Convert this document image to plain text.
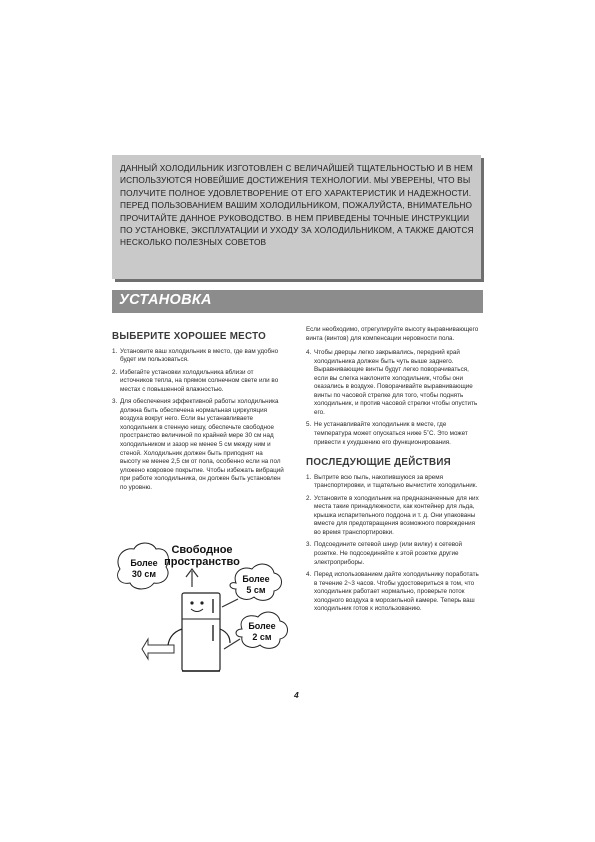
ДАННЫЙ ХОЛОДИЛЬНИК ИЗГОТОВЛЕН С ВЕЛИЧАЙШЕЙ ТЩАТЕЛЬНОСТЬЮ И В НЕМ ИСПОЛЬЗУЮТСЯ НОВЕЙШИЕ ДОСТИЖЕНИЯ ТЕХНОЛОГИИ. МЫ УВЕРЕНЫ, ЧТО ВЫ ПОЛУЧИТЕ ПОЛНОЕ УДОВЛЕТВОРЕНИЕ ОТ ЕГО ХАРАКТЕРИСТИК И НАДЕЖНОСТИ. ПЕРЕД ПОЛЬЗОВАНИЕМ ВАШИМ ХОЛОДИЛЬНИКОМ, ПОЖАЛУЙСТА, ВНИМАТЕЛЬНО ПРОЧИТАЙТЕ ДАННОЕ РУКОВОДСТВО. В НЕМ ПРИВЕДЕНЫ ТОЧНЫЕ ИНСТРУКЦИИ ПО УСТАНОВКЕ, ЭКСПЛУАТАЦИИ И УХОДУ ЗА ХОЛОДИЛЬНИКОМ, А ТАКЖЕ ДАЮТСЯ НЕСКОЛЬКО ПОЛЕЗНЫХ СОВЕТОВ

УСТАНОВКА
ВЫБЕРИТЕ ХОРОШЕЕ МЕСТО
1. Установите ваш холодильник в место, где вам удобно будет им пользоваться.
2. Избегайте установки холодильника вблизи от источников тепла, на прямом солнечном свете или во местах с повышенной влажностью.
3. Для обеспечения эффективной работы холодильника должна быть обеспечена нормальная циркуляция воздуха вокруг него. Если вы устанавливаете холодильник в стенную нишу, обеспечьте свободное пространство величиной по крайней мере 30 см над холодильником и зазор не менее 5 см между ним и стеной. Холодильник должен быть приподнят на высоту не менее 2,5 см от пола, особенно если на пол уложено ковровое покрытие. Чтобы избежать вибраций при работе холодильника, он должен быть установлен по уровню.
Более
30 см
Свободное
пространство
Более
5 см
Более
2 см
Если необходимо, отрегулируйте высоту выравнивающего винта (винтов) для компенсации неровности пола.
4. Чтобы дверцы легко закрывались, передний край холодильника должен быть чуть выше заднего. Выравнивающие винты будут легко поворачиваться, если вы слегка наклоните холодильник, чтобы они оказались в воздухе. Поворачивайте выравнивающие винты по часовой стрелке для того, чтобы поднять холодильник, и против часовой стрелки чтобы опустить его.
5. Не устанавливайте холодильник в месте, где температура может опускаться ниже 5˚С. Это может привести к ухудшению его функционирования.
ПОСЛЕДУЮЩИЕ ДЕЙСТВИЯ
1. Вытрите всю пыль, накопившуюся за время транспортировки, и тщательно вычистите холодильник.
2. Установите в холодильник на предназначенные для них места такие принадлежности, как контейнер для льда, крышка испарительного поддона и т. д. Они упакованы вместе для предотвращения возможного повреждения во время транспортировки.
3. Подсоедините сетевой шнур (или вилку) к сетевой розетке. Не подсоединяйте к этой розетке другие электроприборы.
4. Перед использованием дайте холодильнику поработать в течение 2~3 часов. Чтобы удостовериться в том, что холодильник работает нормально, проверьте поток холодного воздуха в морозильной камере. Теперь ваш холодильник готов к использованию.
4
